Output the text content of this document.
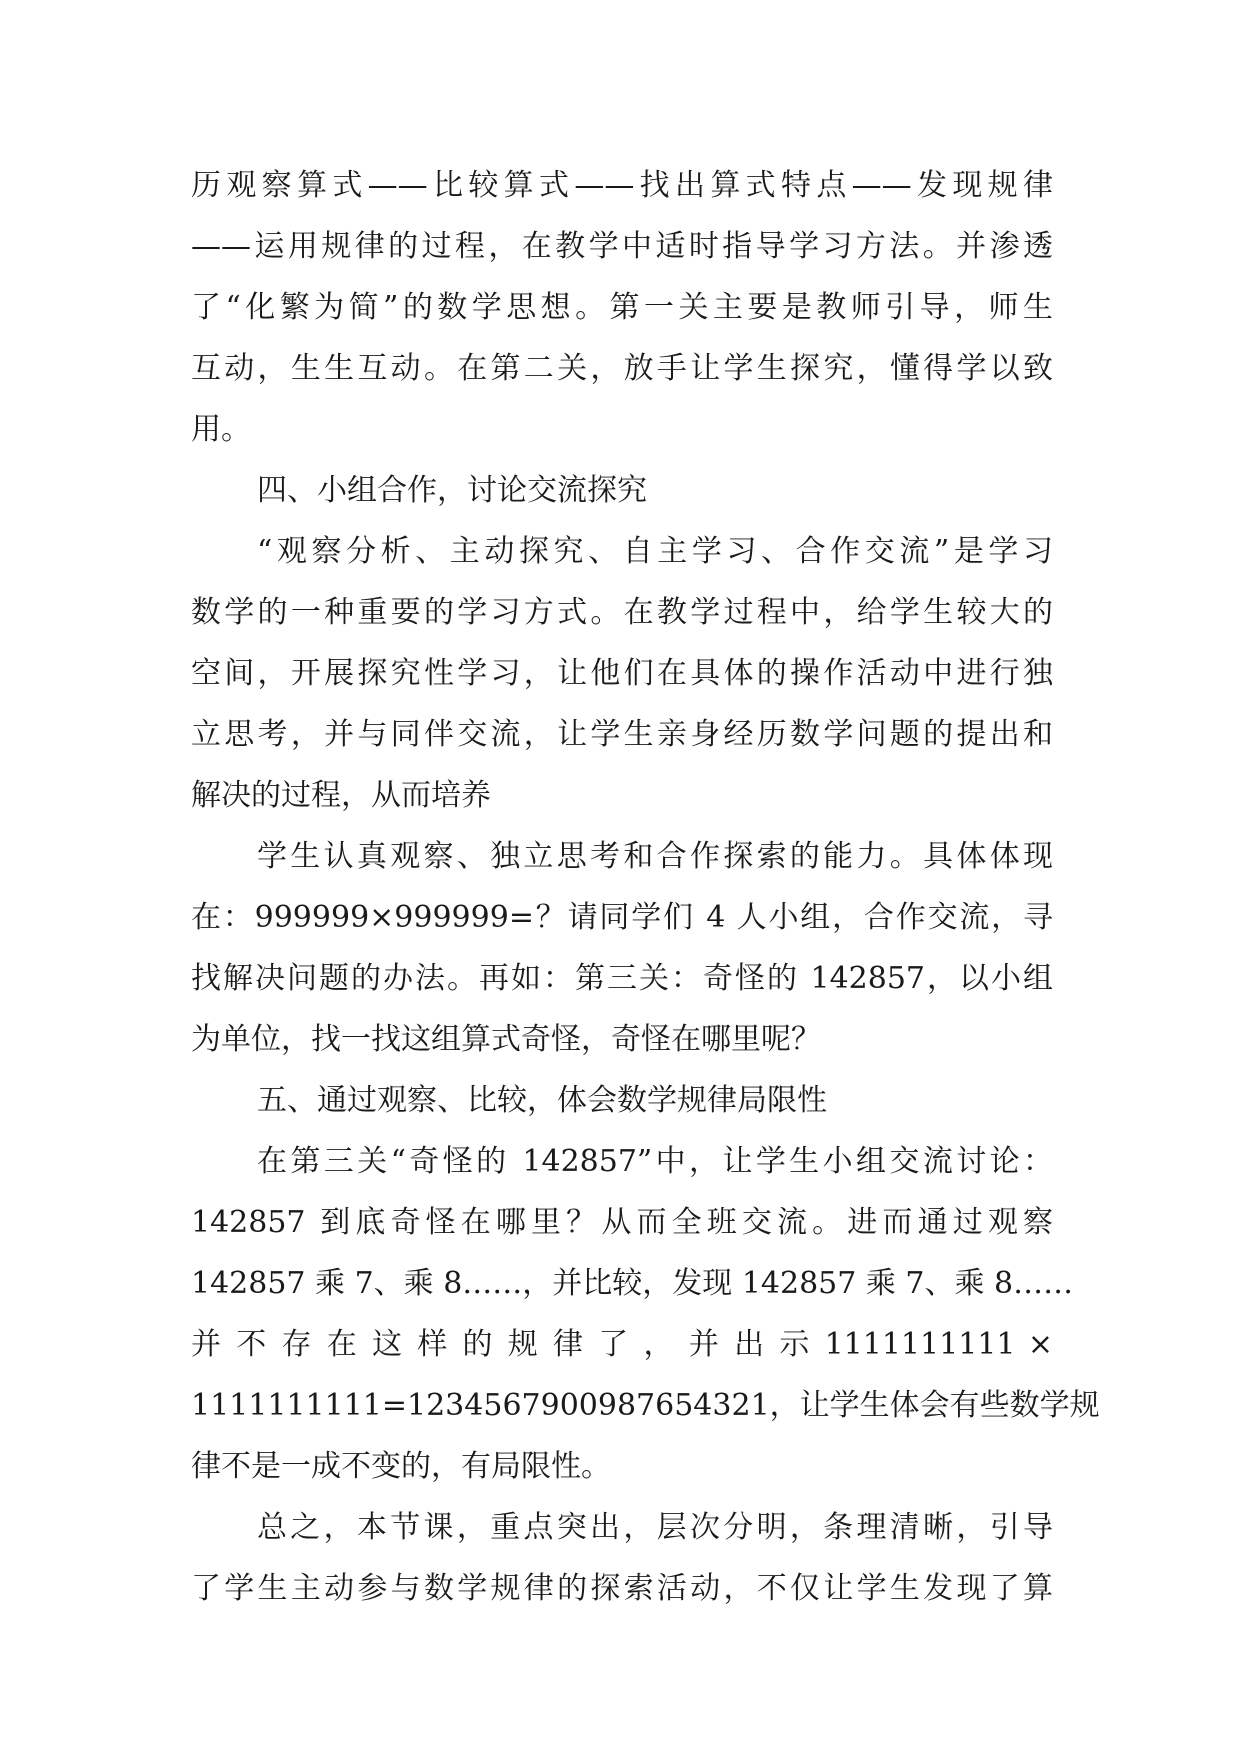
历观察算式——比较算式——找出算式特点——发现规律
——运用规律的过程，在教学中适时指导学习方法。并渗透
了“化繁为简”的数学思想。第一关主要是教师引导，师生
互动，生生互动。在第二关，放手让学生探究，懂得学以致
用。
四、小组合作，讨论交流探究
“观察分析、主动探究、自主学习、合作交流”是学习
数学的一种重要的学习方式。在教学过程中，给学生较大的
空间，开展探究性学习，让他们在具体的操作活动中进行独
立思考，并与同伴交流，让学生亲身经历数学问题的提出和
解决的过程，从而培养
学生认真观察、独立思考和合作探索的能力。具体体现
在：999999×999999=？请同学们 4 人小组，合作交流，寻
找解决问题的办法。再如：第三关：奇怪的 142857，以小组
为单位，找一找这组算式奇怪，奇怪在哪里呢？
五、通过观察、比较，体会数学规律局限性
在第三关“奇怪的 142857”中，让学生小组交流讨论：
142857 到底奇怪在哪里？从而全班交流。进而通过观察
142857 乘 7、乘 8……，并比较，发现 142857 乘 7、乘 8……
并 不 存 在 这 样 的 规 律 了 ， 并 出 示 1111111111 ×
1111111111=1234567900987654321，让学生体会有些数学规
律不是一成不变的，有局限性。
总之，本节课，重点突出，层次分明，条理清晰，引导
了学生主动参与数学规律的探索活动，不仅让学生发现了算
